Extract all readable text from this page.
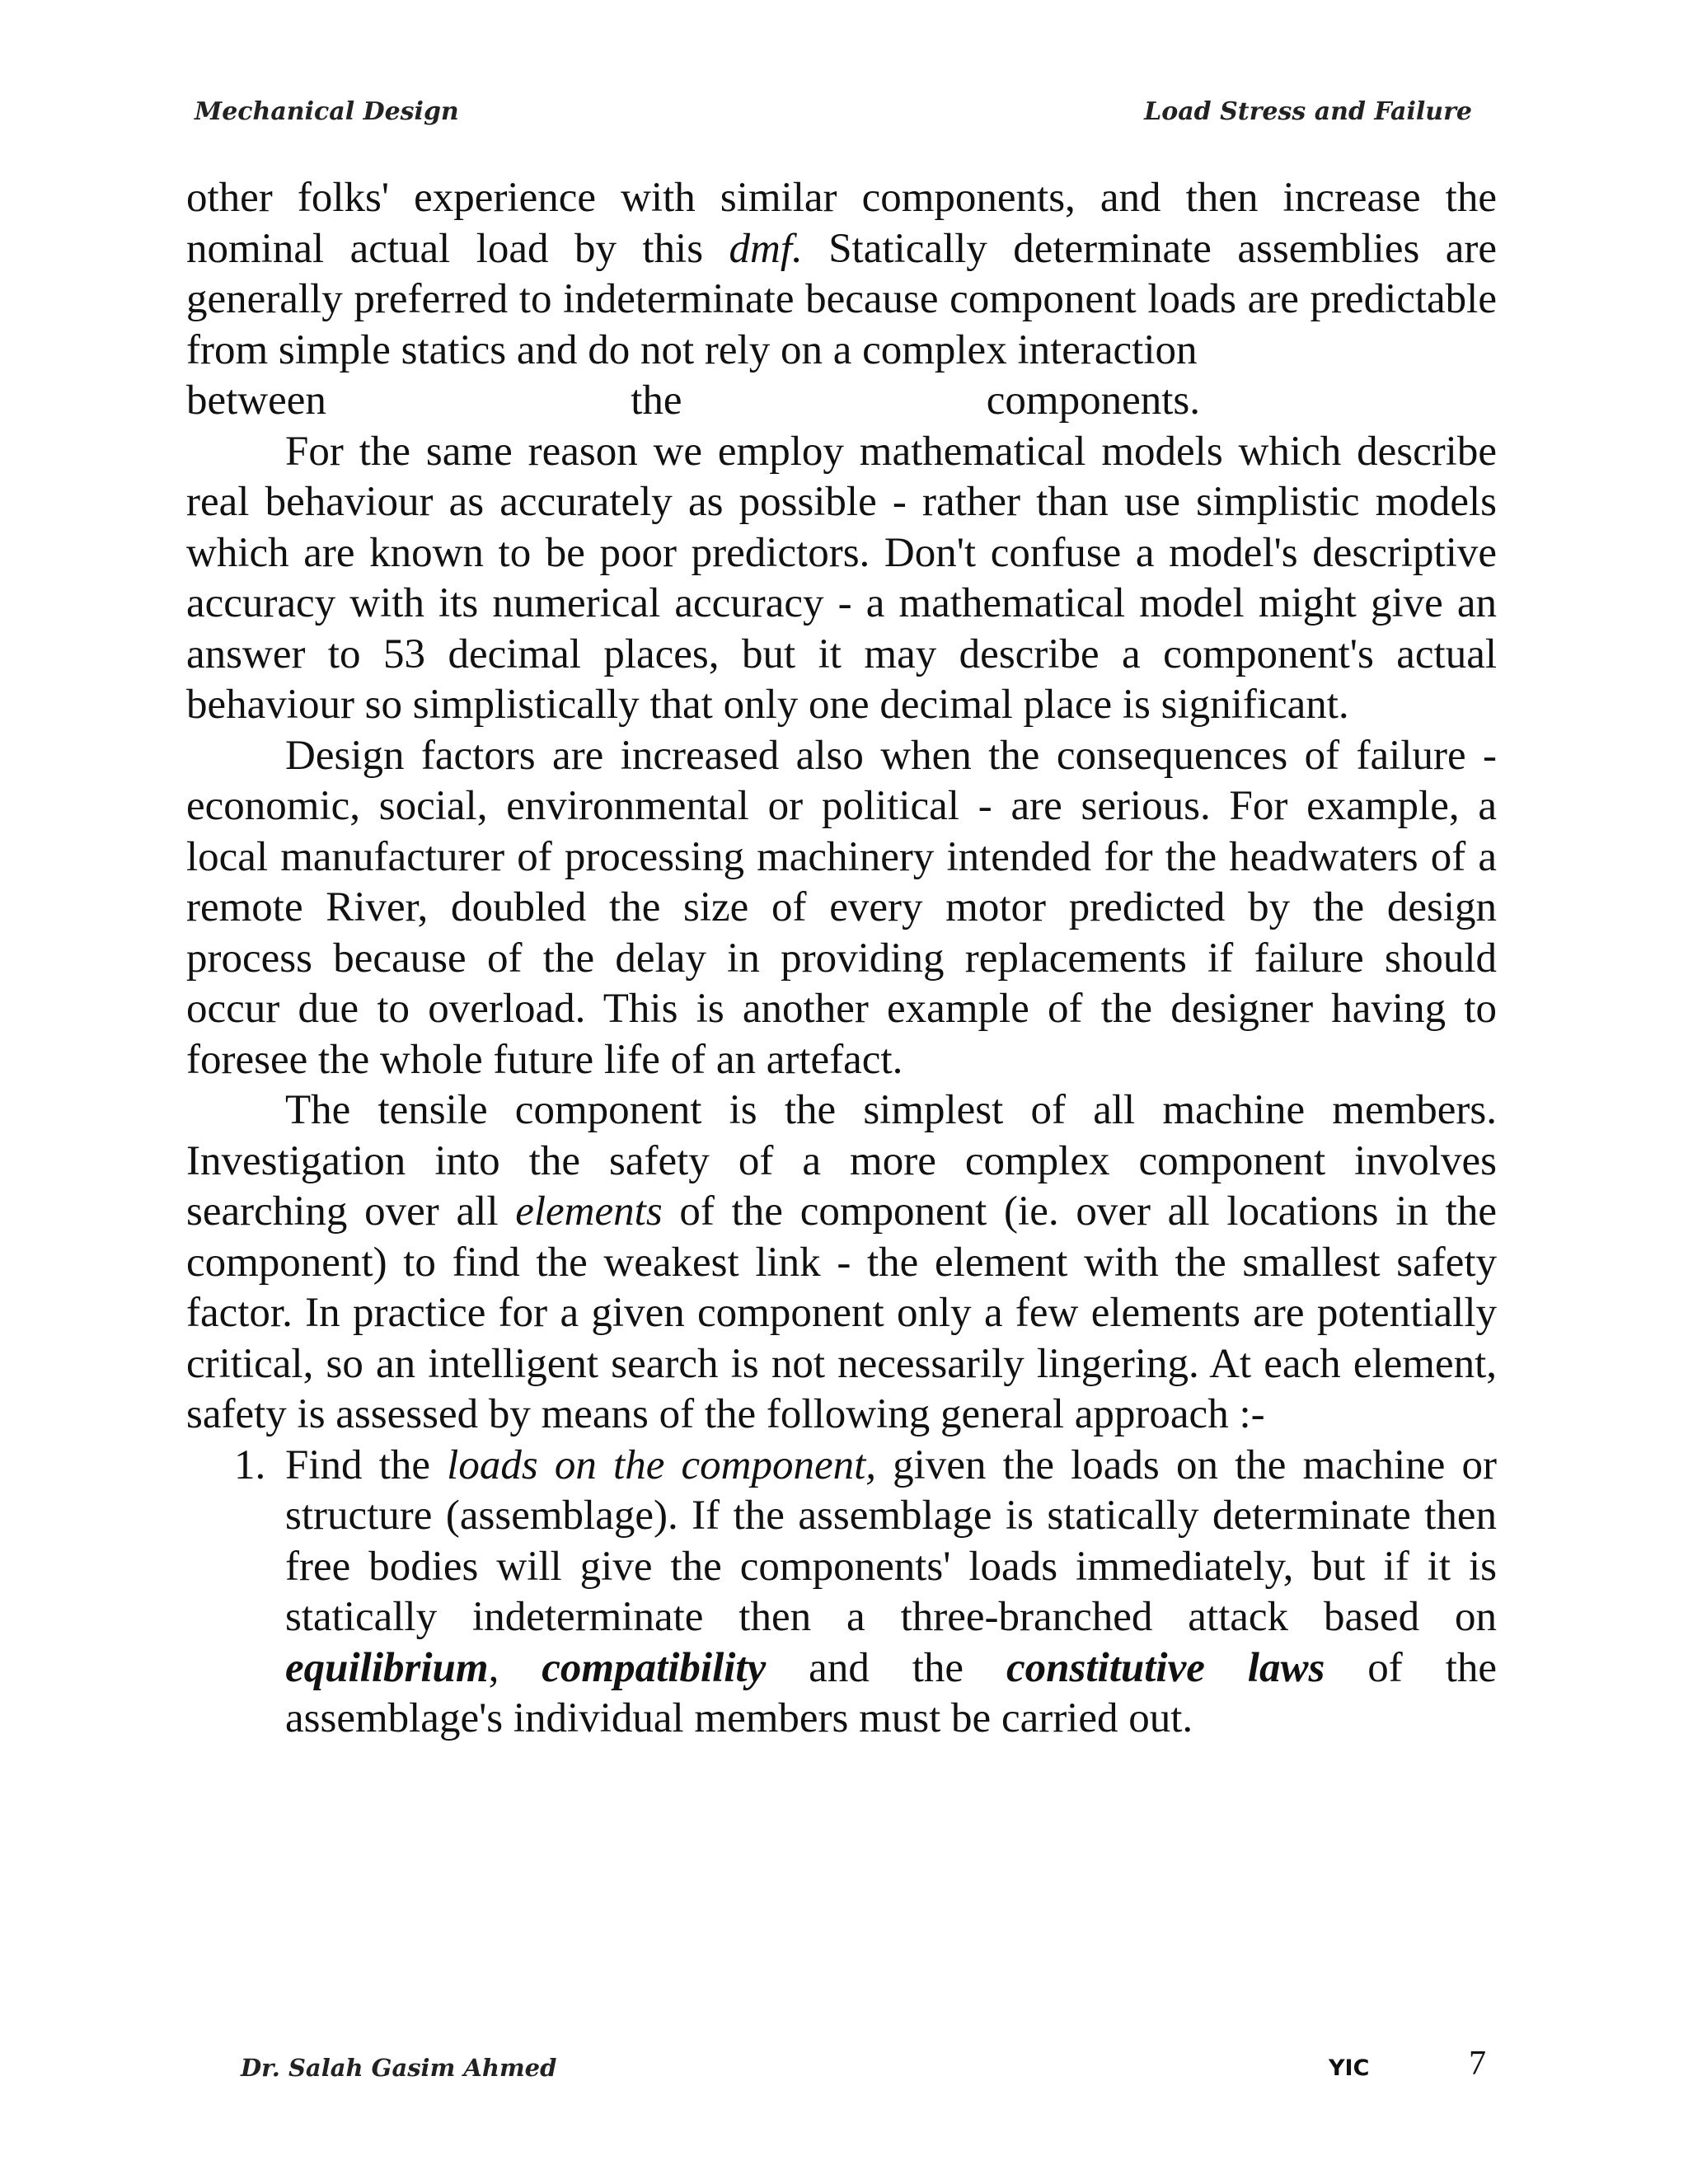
Mechanical Design	Load Stress and Failure

other folks' experience with similar components, and then increase the nominal actual load by this dmf. Statically determinate assemblies are generally preferred to indeterminate because component loads are predictable from simple statics and do not rely on a complex interaction

between	the	components.

For the same reason we employ mathematical models which describe real behaviour as accurately as possible - rather than use simplistic models which are known to be poor predictors. Don't confuse a model's descriptive accuracy with its numerical accuracy - a mathematical model might give an answer to 53 decimal places, but it may describe a component's actual behaviour so simplistically that only one decimal place is significant.

Design factors are increased also when the consequences of failure - economic, social, environmental or political - are serious. For example, a local manufacturer of processing machinery intended for the headwaters of a remote River, doubled the size of every motor predicted by the design process because of the delay in providing replacements if failure should occur due to overload. This is another example of the designer having to foresee the whole future life of an artefact.

The tensile component is the simplest of all machine members. Investigation into the safety of a more complex component involves searching over all elements of the component (ie. over all locations in the component) to find the weakest link - the element with the smallest safety factor. In practice for a given component only a few elements are potentially critical, so an intelligent search is not necessarily lingering. At each element, safety is assessed by means of the following general approach :-

1. Find the loads on the component, given the loads on the machine or structure (assemblage). If the assemblage is statically determinate then free bodies will give the components' loads immediately, but if it is statically indeterminate then a three-branched attack based on equilibrium, compatibility and the constitutive laws of the assemblage's individual members must be carried out.
Dr. Salah Gasim Ahmed	YIC	7
